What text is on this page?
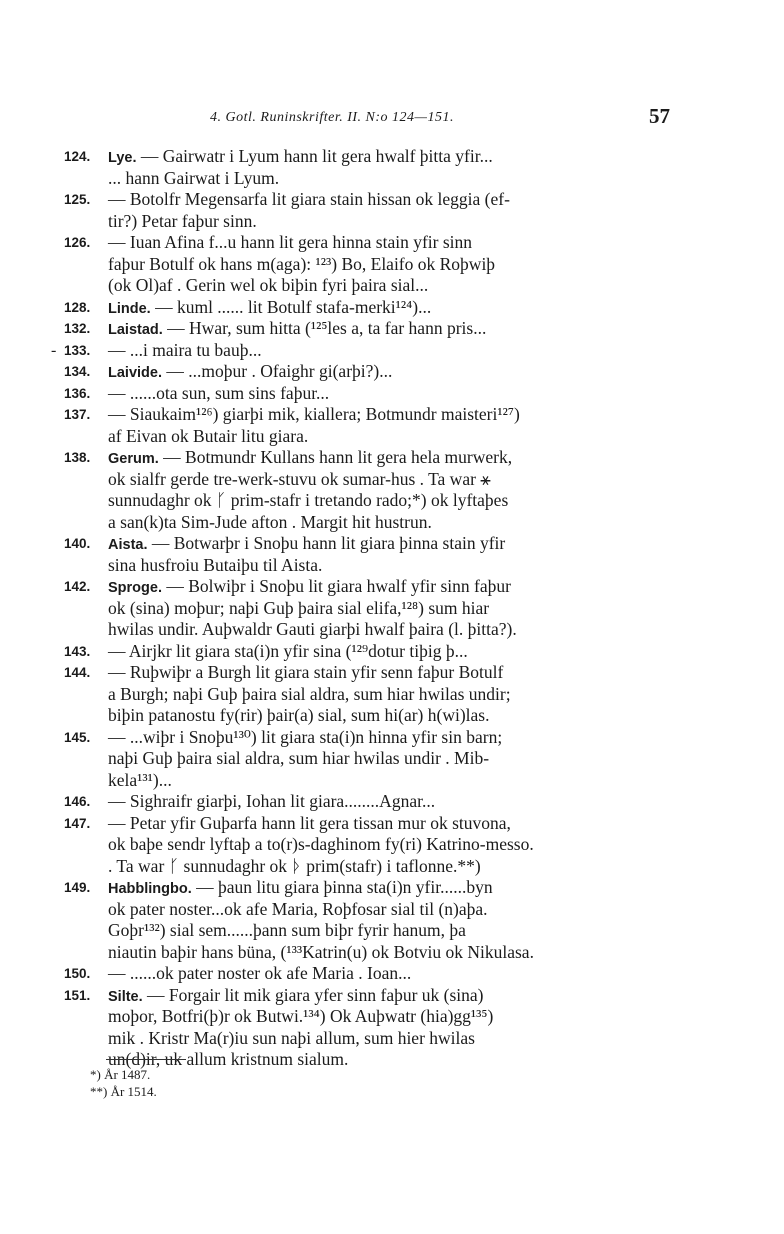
4. Gotl. Runinskrifter. II. N:o 124—151.	57
124. Lye. — Gairwatr i Lyum hann lit gera hwalf þitta yfir...
... hann Gairwat i Lyum.
125. — Botolfr Megensarfa lit giara stain hissan ok leggia (ef-
tir?) Petar faþur sinn.
126. — Iuan Afina f...u hann lit gera hinna stain yfir sinn
faþur Botulf ok hans m(aga): ¹²³) Bo, Elaifo ok Roþwiþ
(ok Ol)af . Gerin wel ok biþin fyri þaira sial...
128. Linde. — kuml ...... lit Botulf stafa-merki¹²⁴)...
132. Laistad. — Hwar, sum hitta (¹²⁵les a, ta far hann pris...
- 133. — ...i maira tu bauþ...
134. Laivide. — ...moþur . Ofaighr gi(arþi?)...
136. — ......ota sun, sum sins faþur...
137. — Siaukaim¹²⁶) giarþi mik, kiallera; Botmundr maisteri¹²⁷)
af Eivan ok Butair litu giara.
138. Gerum. — Botmundr Kullans hann lit gera hela murwerk,
ok sialfr gerde tre-werk-stuvu ok sumar-hus . Ta war ⚹
sunnudaghr ok ᚴ prim-stafr i tretando rado;*) ok lyftaþes
a san(k)ta Sim-Jude afton . Margit hit hustrun.
140. Aista. — Botwarþr i Snoþu hann lit giara þinna stain yfir
sina husfroiu Butaiþu til Aista.
142. Sproge. — Bolwiþr i Snoþu lit giara hwalf yfir sinn faþur
ok (sina) moþur; naþi Guþ þaira sial elifa,¹²⁸) sum hiar
hwilas undir. Auþwaldr Gauti giarþi hwalf þaira (l. þitta?).
143. — Airjkr lit giara sta(i)n yfir sina (¹²⁹dotur tiþig þ...
144. — Ruþwiþr a Burgh lit giara stain yfir senn faþur Botulf
a Burgh; naþi Guþ þaira sial aldra, sum hiar hwilas undir;
biþin patanostu fy(rir) þair(a) sial, sum hi(ar) h(wi)las.
145. — ...wiþr i Snoþu¹³⁰) lit giara sta(i)n hinna yfir sin barn;
naþi Guþ þaira sial aldra, sum hiar hwilas undir . Mib-
kela¹³¹)...
146. — Sighraifr giarþi, Iohan lit giara........Agnar...
147. — Petar yfir Guþarfa hann lit gera tissan mur ok stuvona,
ok baþe sendr lyftaþ a to(r)s-daghinom fy(ri) Katrino-messo.
. Ta war ᚴ sunnudaghr ok ᚦ prim(stafr) i taflonne.**)
149. Habblingbo. — þaun litu giara þinna sta(i)n yfir......byn
ok pater noster...ok afe Maria, Roþfosar sial til (n)aþa.
Goþr¹³²) sial sem......þann sum biþr fyrir hanum, þa
niautin baþir hans büna, (¹³³Katrin(u) ok Botviu ok Nikulasa.
150. — ......ok pater noster ok afe Maria . Ioan...
151. Silte. — Forgair lit mik giara yfer sinn faþur uk (sina)
moþor, Botfri(þ)r ok Butwi.¹³⁴) Ok Auþwatr (hia)gg¹³⁵)
mik . Kristr Ma(r)iu sun naþi allum, sum hier hwilas
un(d)ir, uk allum kristnum sialum.
*) År 1487.
**) År 1514.
